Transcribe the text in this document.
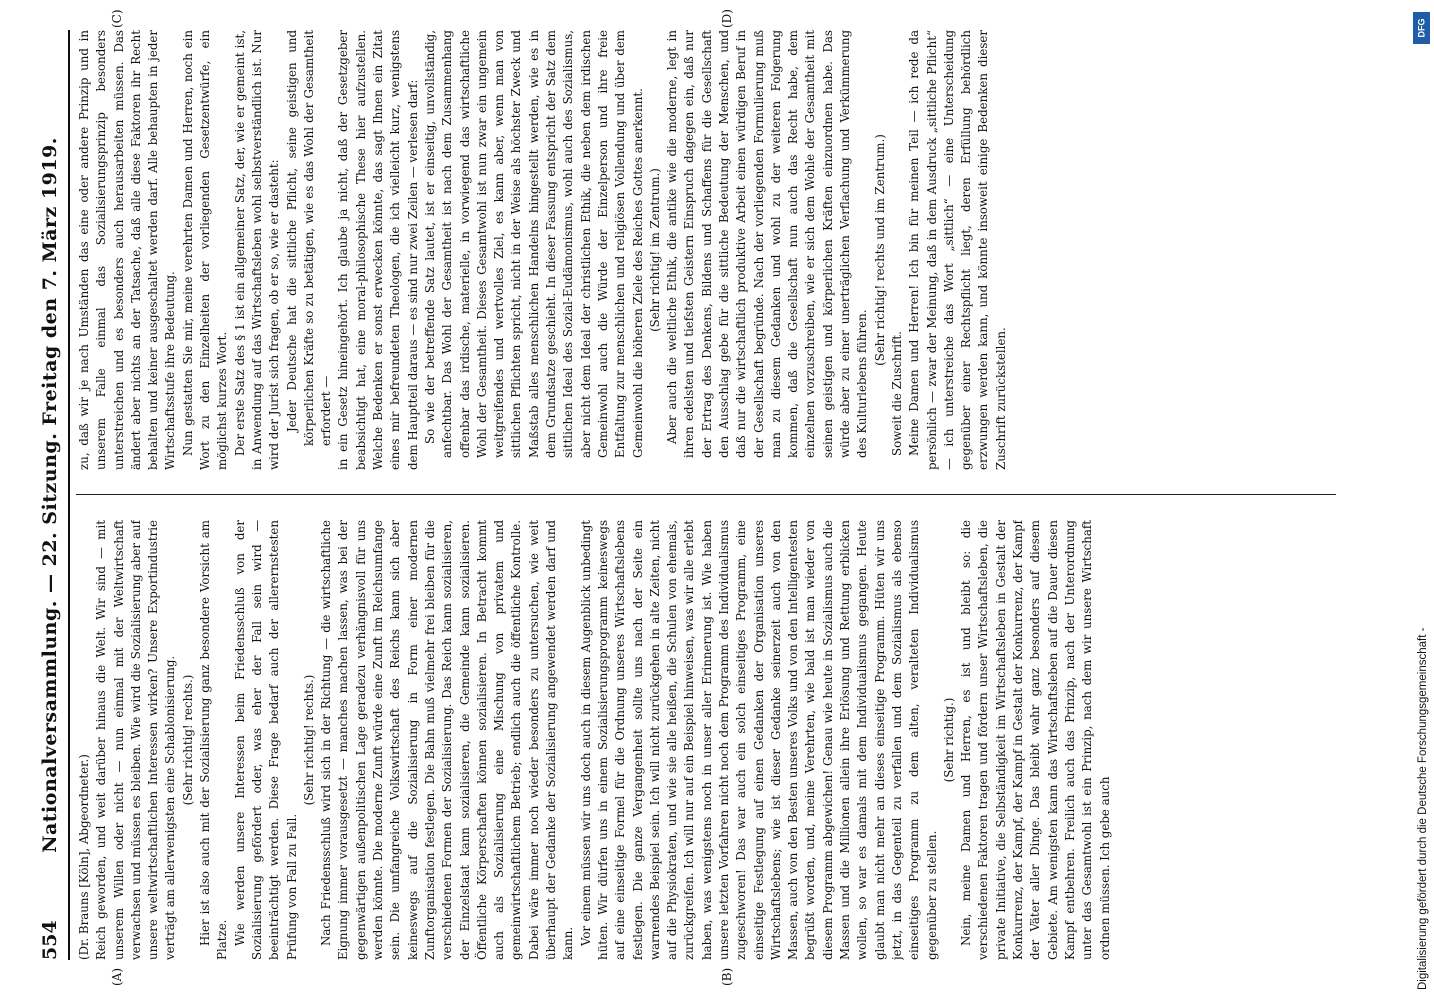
554
Nationalversammlung. — 22. Sitzung. Freitag den 7. März 1919.
(A)	(B)
(C)	(D)

(Dr. Brauns [Köln], Abgeordneter.) Reich geworden, und weit darüber hinaus die Welt. Wir sind — mit unserem Willen oder nicht — nun einmal mit der Weltwirtschaft verwachsen und müssen es bleiben. Wie wird die Sozialisierung aber auf unsere weltwirtschaftlichen Interessen wirken? Unsere Exportindustrie verträgt am allerwenigsten eine Schablonisierung. (Sehr richtig! rechts.) Hier ist also auch mit der Sozialisierung ganz besondere Vorsicht am Platze. Wie werden unsere Interessen beim Friedensschluß von der Sozialisierung gefördert oder, was eher der Fall sein wird — beeinträchtigt werden. Diese Frage bedarf auch der allerernstesten Prüfung von Fall zu Fall.

(Sehr richtig! rechts.) Nach Friedensschluß wird sich in der Richtung — die wirtschaftliche Eignung immer vorausgesetzt — manches machen lassen, was bei der gegenwärtigen außenpolitischen Lage geradezu verhängnisvoll für uns werden könnte. Die moderne Zunft würde eine Zunft im Reichsumfange sein. Die umfangreiche Volkswirtschaft des Reichs kann sich aber keineswegs auf die Sozialisierung in Form einer modernen Zunftorganisation festlegen. Die Bahn muß vielmehr frei bleiben für die verschiedenen Formen der Sozialisierung. Das Reich kann sozialisieren, der Einzelstaat kann sozialisieren, die Gemeinde kann sozialisieren. Öffentliche Körperschaften können sozialisieren. In Betracht kommt auch als Sozialisierung eine Mischung von privatem und gemeinwirtschaftlichem Betrieb; endlich auch die öffentliche Kontrolle. Dabei wäre immer noch wieder besonders zu untersuchen, wie weit überhaupt der Gedanke der Sozialisierung angewendet werden darf und kann. Vor einem müssen wir uns doch auch in diesem Augenblick unbedingt hüten. Wir dürfen uns in einem Sozialisierungsprogramm keineswegs auf eine einseitige Formel für die Ordnung unseres Wirtschaftslebens festlegen. Die ganze Vergangenheit sollte uns nach der Seite ein warnendes Beispiel sein. Ich will nicht zurückgehen in alte Zeiten, nicht auf die Physiokraten, und wie sie alle heißen, die Schulen von ehemals, zurückgreifen. Ich will nur auf ein Beispiel hinweisen, was wir alle erlebt haben, was wenigstens noch in unser aller Erinnerung ist. Wie haben unsere letzten Vorfahren nicht noch dem Programm des Individualismus zugeschworen! Das war auch ein solch einseitiges Programm, eine einseitige Festlegung auf einen Gedanken der Organisation unseres Wirtschaftslebens; wie ist dieser Gedanke seinerzeit auch von den Massen, auch von den Besten unseres Volks und von den Intelligentesten begrüßt worden, und, meine Verehrten, wie bald ist man wieder von diesem Programm abgewichen! Genau wie heute in Sozialismus auch die Massen und die Millionen allein ihre Erlösung und Rettung erblicken wollen, so war es damals mit dem Individualismus gegangen. Heute glaubt man nicht mehr an dieses einseitige Programm. Hüten wir uns jetzt, in das Gegenteil zu verfallen und dem Sozialismus als ebenso einseitiges Programm zu dem alten, veralteten Individualismus gegenüber zu stellen.

(Sehr richtig.) Nein, meine Damen und Herren, es ist und bleibt so: die verschiedenen Faktoren tragen und fördern unser Wirtschaftsleben, die private Initiative, die Selbständigkeit im Wirtschaftsleben in Gestalt der Konkurrenz, der Kampf, der Kampf in Gestalt der Konkurrenz, der Kampf der Väter aller Dinge. Das bleibt wahr ganz besonders auf diesem Gebiete. Am wenigsten kann das Wirtschaftsleben auf die Dauer diesen Kampf entbehren. Freilich auch das Prinzip, nach der Unterordnung unter das Gesamtwohl ist ein Prinzip, nach dem wir unsere Wirtschaft ordnen müssen. Ich gebe auch

zu, daß wir je nach Umständen das eine oder andere Prinzip und in unserem Falle einmal das Sozialisierungsprinzip besonders unterstreichen und es besonders auch herausarbeiten müssen. Das ändert aber nichts an der Tatsache, daß alle diese Faktoren ihr Recht behalten und keiner ausgeschaltet werden darf. Alle behaupten in jeder Wirtschaftsstufe ihre Bedeutung. Nun gestatten Sie mir, meine verehrten Damen und Herren, noch ein Wort zu den Einzelheiten der vorliegenden Gesetzentwürfe, ein möglichst kurzes Wort. Der erste Satz des § 1 ist ein allgemeiner Satz, der, wie er gemeint ist, in Anwendung auf das Wirtschaftsleben wohl selbstverständlich ist. Nur wird der Jurist sich fragen, ob er so, wie er dasteht: Jeder Deutsche hat die sittliche Pflicht, seine geistigen und körperlichen Kräfte so zu betätigen, wie es das Wohl der Gesamtheit erfordert — in ein Gesetz hineingehört. Ich glaube ja nicht, daß der Gesetzgeber beabsichtigt hat, eine moral-philosophische These hier aufzustellen. Welche Bedenken er sonst erwecken könnte, das sagt Ihnen ein Zitat eines mir befreundeten Theologen, die ich vielleicht kurz, wenigstens dem Hauptteil daraus — es sind nur zwei Zeilen — verlesen darf: So wie der betreffende Satz lautet, ist er einseitig, unvollständig, anfechtbar. Das Wohl der Gesamtheit ist nach dem Zusammenhang offenbar das irdische, materielle, in vorwiegend das wirtschaftliche Wohl der Gesamtheit. Dieses Gesamtwohl ist nun zwar ein ungemein weitgreifendes und wertvolles Ziel, es kann aber, wenn man von sittlichen Pflichten spricht, nicht in der Weise als höchster Zweck und Maßstab alles menschlichen Handelns hingestellt werden, wie es in dem Grundsatze geschieht. In dieser Fassung entspricht der Satz dem sittlichen Ideal des Sozial-Eudämonismus, wohl auch des Sozialismus, aber nicht dem Ideal der christlichen Ethik, die neben dem irdischen Gemeinwohl auch die Würde der Einzelperson und ihre freie Entfaltung zur menschlichen und religiösen Vollendung und über dem Gemeinwohl die höheren Ziele des Reiches Gottes anerkennt. (Sehr richtig! im Zentrum.) Aber auch die weltliche Ethik, die antike wie die moderne, legt in ihren edelsten und tiefsten Geistern Einspruch dagegen ein, daß nur der Ertrag des Denkens, Bildens und Schaffens für die Gesellschaft den Ausschlag gebe für die sittliche Bedeutung der Menschen, und daß nur die wirtschaftlich produktive Arbeit einen würdigen Beruf in der Gesellschaft begründe. Nach der vorliegenden Formulierung muß man zu diesem Gedanken und wohl zu der weiteren Folgerung kommen, daß die Gesellschaft nun auch das Recht habe, dem einzelnen vorzuschreiben, wie er sich dem Wohle der Gesamtheit mit seinen geistigen und körperlichen Kräften einzuordnen habe. Das würde aber zu einer unerträglichen Verflachung und Verkümmerung des Kulturlebens führen.

(Sehr richtig! rechts und im Zentrum.)

Soweit die Zuschrift. Meine Damen und Herren! Ich bin für meinen Teil — ich rede da persönlich — zwar der Meinung, daß in dem Ausdruck „sittliche Pflicht“ — ich unterstreiche das Wort „sittlich“ — eine Unterscheidung gegenüber einer Rechtspflicht liegt, deren Erfüllung behördlich erzwungen werden kann, und könnte insoweit einige Bedenken dieser Zuschrift zurückstellen.

DFG
Digitalisierung gefördert durch die Deutsche Forschungsgemeinschaft -
